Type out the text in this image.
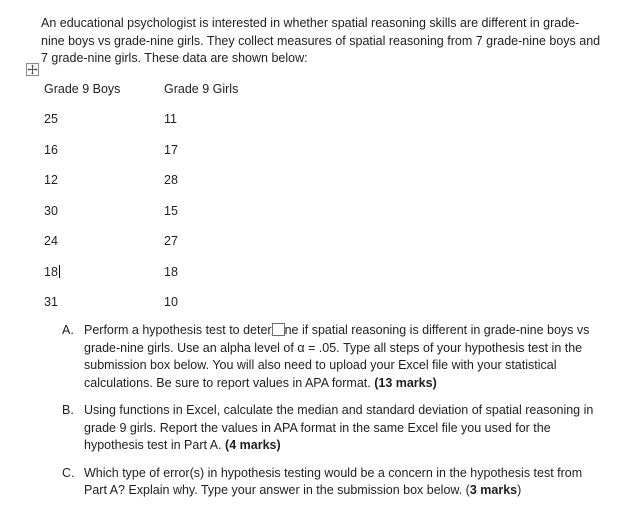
An educational psychologist is interested in whether spatial reasoning skills are different in grade-nine boys vs grade-nine girls. They collect measures of spatial reasoning from 7 grade-nine boys and 7 grade-nine girls. These data are shown below:

Grade 9 Boys	Grade 9 Girls
25	11
16	17
12	28
30	15
24	27
18	18
31	10
A. Perform a hypothesis test to deter ne if spatial reasoning is different in grade-nine boys vs grade-nine girls. Use an alpha level of α = .05. Type all steps of your hypothesis test in the submission box below. You will also need to upload your Excel file with your statistical calculations. Be sure to report values in APA format. (13 marks)
B. Using functions in Excel, calculate the median and standard deviation of spatial reasoning in grade 9 girls. Report the values in APA format in the same Excel file you used for the hypothesis test in Part A. (4 marks)
C. Which type of error(s) in hypothesis testing would be a concern in the hypothesis test from Part A? Explain why. Type your answer in the submission box below. (3 marks)
